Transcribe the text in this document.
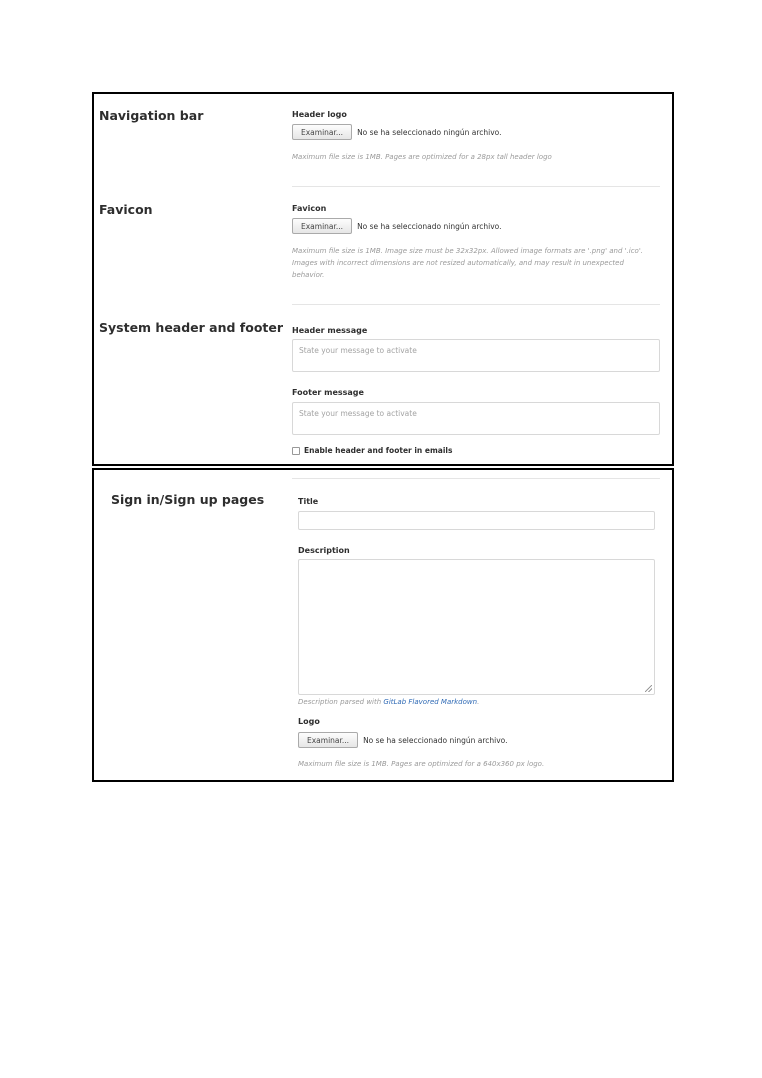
Navigation bar	Header logo
Examinar...	No se ha seleccionado ningún archivo.
Maximum file size is 1MB. Pages are optimized for a 28px tall header logo
Favicon	Favicon
Examinar...	No se ha seleccionado ningún archivo.
Maximum file size is 1MB. Image size must be 32x32px. Allowed image formats are '.png' and '.ico'. Images with incorrect dimensions are not resized automatically, and may result in unexpected behavior.
System header and footer Header message
State your message to activate
Footer message
State your message to activate
Enable header and footer in emails
Sign in/Sign up pages	Title
Description
Description parsed with GitLab Flavored Markdown.
Logo
Examinar...	No se ha seleccionado ningún archivo.
Maximum file size is 1MB. Pages are optimized for a 640x360 px logo.
